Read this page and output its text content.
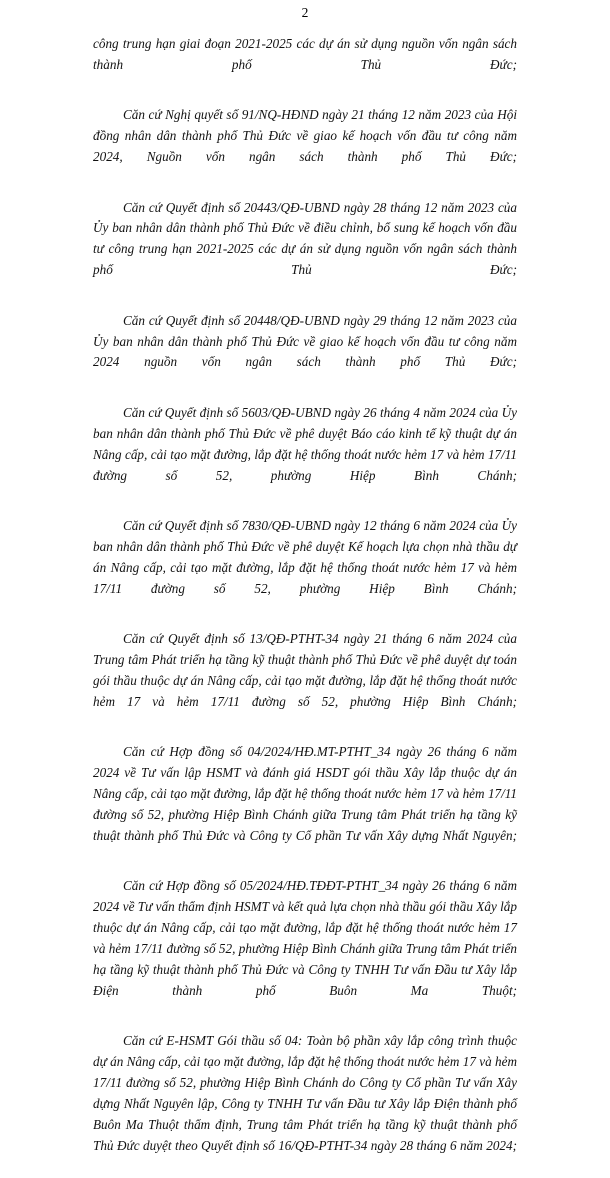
2

công trung hạn giai đoạn 2021-2025 các dự án sử dụng nguồn vốn ngân sách thành phố Thủ Đức;

Căn cứ Nghị quyết số 91/NQ-HĐND ngày 21 tháng 12 năm 2023 của Hội đồng nhân dân thành phố Thủ Đức về giao kế hoạch vốn đầu tư công năm 2024, Nguồn vốn ngân sách thành phố Thủ Đức;

Căn cứ Quyết định số 20443/QĐ-UBND ngày 28 tháng 12 năm 2023 của Ủy ban nhân dân thành phố Thủ Đức về điều chỉnh, bổ sung kế hoạch vốn đầu tư công trung hạn 2021-2025 các dự án sử dụng nguồn vốn ngân sách thành phố Thủ Đức;

Căn cứ Quyết định số 20448/QĐ-UBND ngày 29 tháng 12 năm 2023 của Ủy ban nhân dân thành phố Thủ Đức về giao kế hoạch vốn đầu tư công năm 2024 nguồn vốn ngân sách thành phố Thủ Đức;

Căn cứ Quyết định số 5603/QĐ-UBND ngày 26 tháng 4 năm 2024 của Ủy ban nhân dân thành phố Thủ Đức về phê duyệt Báo cáo kinh tế kỹ thuật dự án Nâng cấp, cải tạo mặt đường, lắp đặt hệ thống thoát nước hẻm 17 và hẻm 17/11 đường số 52, phường Hiệp Bình Chánh;

Căn cứ Quyết định số 7830/QĐ-UBND ngày 12 tháng 6 năm 2024 của Ủy ban nhân dân thành phố Thủ Đức về phê duyệt Kế hoạch lựa chọn nhà thầu dự án Nâng cấp, cải tạo mặt đường, lắp đặt hệ thống thoát nước hẻm 17 và hẻm 17/11 đường số 52, phường Hiệp Bình Chánh;

Căn cứ Quyết định số 13/QĐ-PTHT-34 ngày 21 tháng 6 năm 2024 của Trung tâm Phát triển hạ tầng kỹ thuật thành phố Thủ Đức về phê duyệt dự toán gói thầu thuộc dự án Nâng cấp, cải tạo mặt đường, lắp đặt hệ thống thoát nước hẻm 17 và hẻm 17/11 đường số 52, phường Hiệp Bình Chánh;

Căn cứ Hợp đồng số 04/2024/HĐ.MT-PTHT_34 ngày 26 tháng 6 năm 2024 về Tư vấn lập HSMT và đánh giá HSDT gói thầu Xây lắp thuộc dự án Nâng cấp, cải tạo mặt đường, lắp đặt hệ thống thoát nước hẻm 17 và hẻm 17/11 đường số 52, phường Hiệp Bình Chánh giữa Trung tâm Phát triển hạ tầng kỹ thuật thành phố Thủ Đức và Công ty Cổ phần Tư vấn Xây dựng Nhất Nguyên;

Căn cứ Hợp đồng số 05/2024/HĐ.TĐĐT-PTHT_34 ngày 26 tháng 6 năm 2024 về Tư vấn thẩm định HSMT và kết quả lựa chọn nhà thầu gói thầu Xây lắp thuộc dự án Nâng cấp, cải tạo mặt đường, lắp đặt hệ thống thoát nước hẻm 17 và hẻm 17/11 đường số 52, phường Hiệp Bình Chánh giữa Trung tâm Phát triển hạ tầng kỹ thuật thành phố Thủ Đức và Công ty TNHH Tư vấn Đầu tư Xây lắp Điện thành phố Buôn Ma Thuột;

Căn cứ E-HSMT Gói thầu số 04: Toàn bộ phần xây lắp công trình thuộc dự án Nâng cấp, cải tạo mặt đường, lắp đặt hệ thống thoát nước hẻm 17 và hẻm 17/11 đường số 52, phường Hiệp Bình Chánh do Công ty Cổ phần Tư vấn Xây dựng Nhất Nguyên lập, Công ty TNHH Tư vấn Đầu tư Xây lắp Điện thành phố Buôn Ma Thuột thẩm định, Trung tâm Phát triển hạ tầng kỹ thuật thành phố Thủ Đức duyệt theo Quyết định số 16/QĐ-PTHT-34 ngày 28 tháng 6 năm 2024;
